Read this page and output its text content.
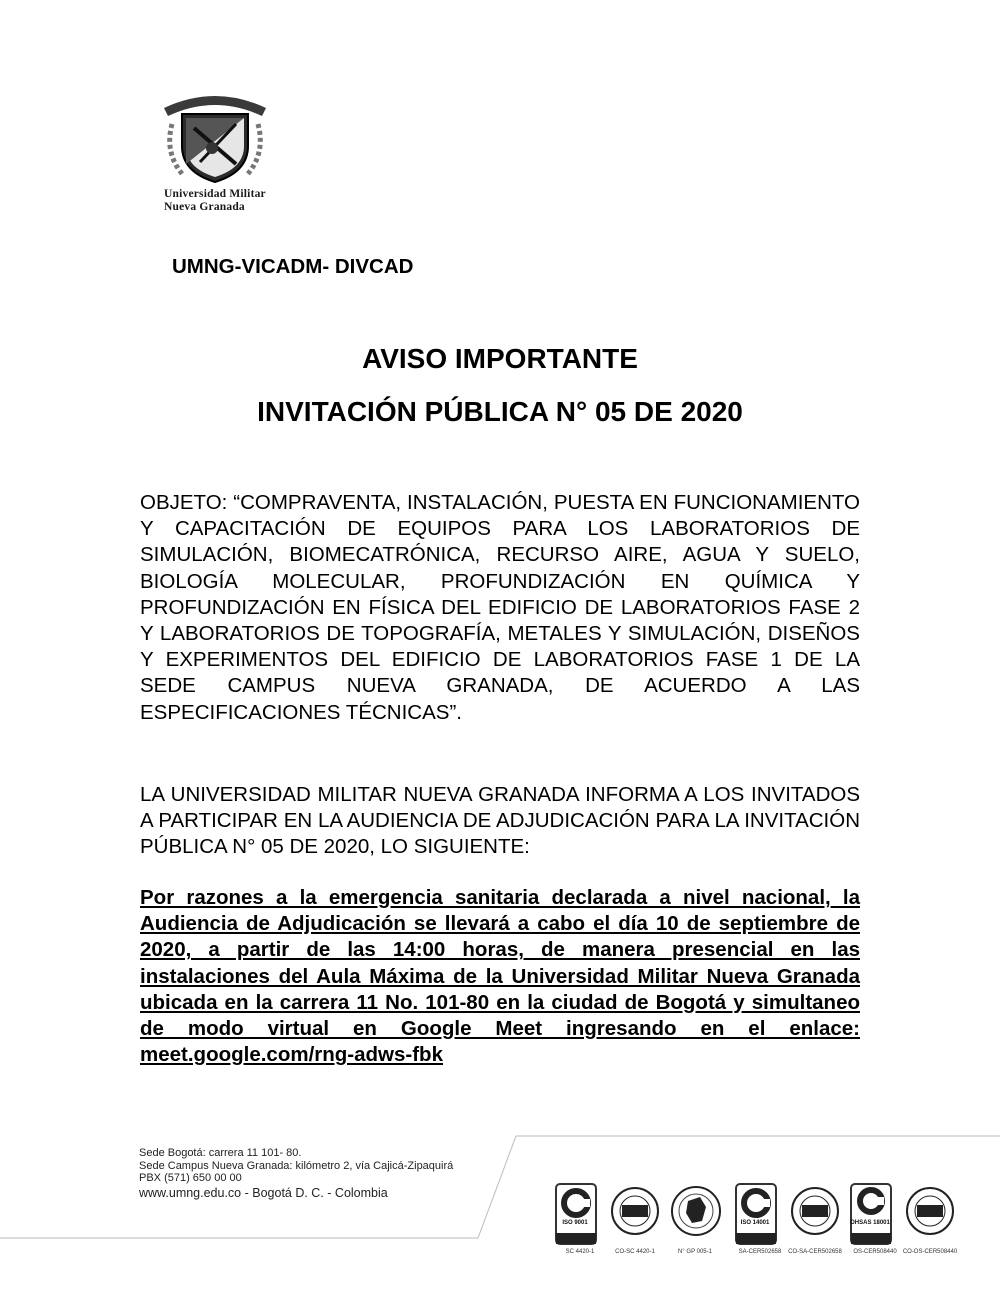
Universidad Militar
Nueva Granada
UMNG-VICADM- DIVCAD
AVISO IMPORTANTE
INVITACIÓN PÚBLICA N° 05 DE 2020
OBJETO: “COMPRAVENTA, INSTALACIÓN, PUESTA EN FUNCIONAMIENTO Y CAPACITACIÓN DE EQUIPOS PARA LOS LABORATORIOS DE SIMULACIÓN, BIOMECATRÓNICA, RECURSO AIRE, AGUA Y SUELO, BIOLOGÍA MOLECULAR, PROFUNDIZACIÓN EN QUÍMICA Y PROFUNDIZACIÓN EN FÍSICA DEL EDIFICIO DE LABORATORIOS FASE 2 Y LABORATORIOS DE TOPOGRAFÍA, METALES Y SIMULACIÓN, DISEÑOS Y EXPERIMENTOS DEL EDIFICIO DE LABORATORIOS FASE 1 DE LA SEDE CAMPUS NUEVA GRANADA, DE ACUERDO A LAS ESPECIFICACIONES TÉCNICAS”.
LA UNIVERSIDAD MILITAR NUEVA GRANADA INFORMA A LOS INVITADOS A PARTICIPAR EN LA AUDIENCIA DE ADJUDICACIÓN PARA LA INVITACIÓN PÚBLICA N° 05 DE 2020, LO SIGUIENTE:
Por razones a la emergencia sanitaria declarada a nivel nacional, la Audiencia de Adjudicación se llevará a cabo el día 10 de septiembre de 2020, a partir de las 14:00 horas, de manera presencial en las instalaciones del Aula Máxima de la Universidad Militar Nueva Granada ubicada en la carrera 11 No. 101-80 en la ciudad de Bogotá y simultaneo de modo virtual en Google Meet ingresando en el enlace: meet.google.com/rng-adws-fbk
Sede Bogotá: carrera 11 101- 80.
Sede Campus Nueva Granada: kilómetro 2, vía Cajicá-Zipaquirá
PBX (571) 650 00 00
www.umng.edu.co - Bogotá D. C. - Colombia
ISO 9001
SC 4420-1	CO-SC 4420-1	N° GP 005-1
ISO 14001
SA-CER502658	CO-SA-CER502658
OHSAS 18001
OS-CER508440	CO-OS-CER508440
